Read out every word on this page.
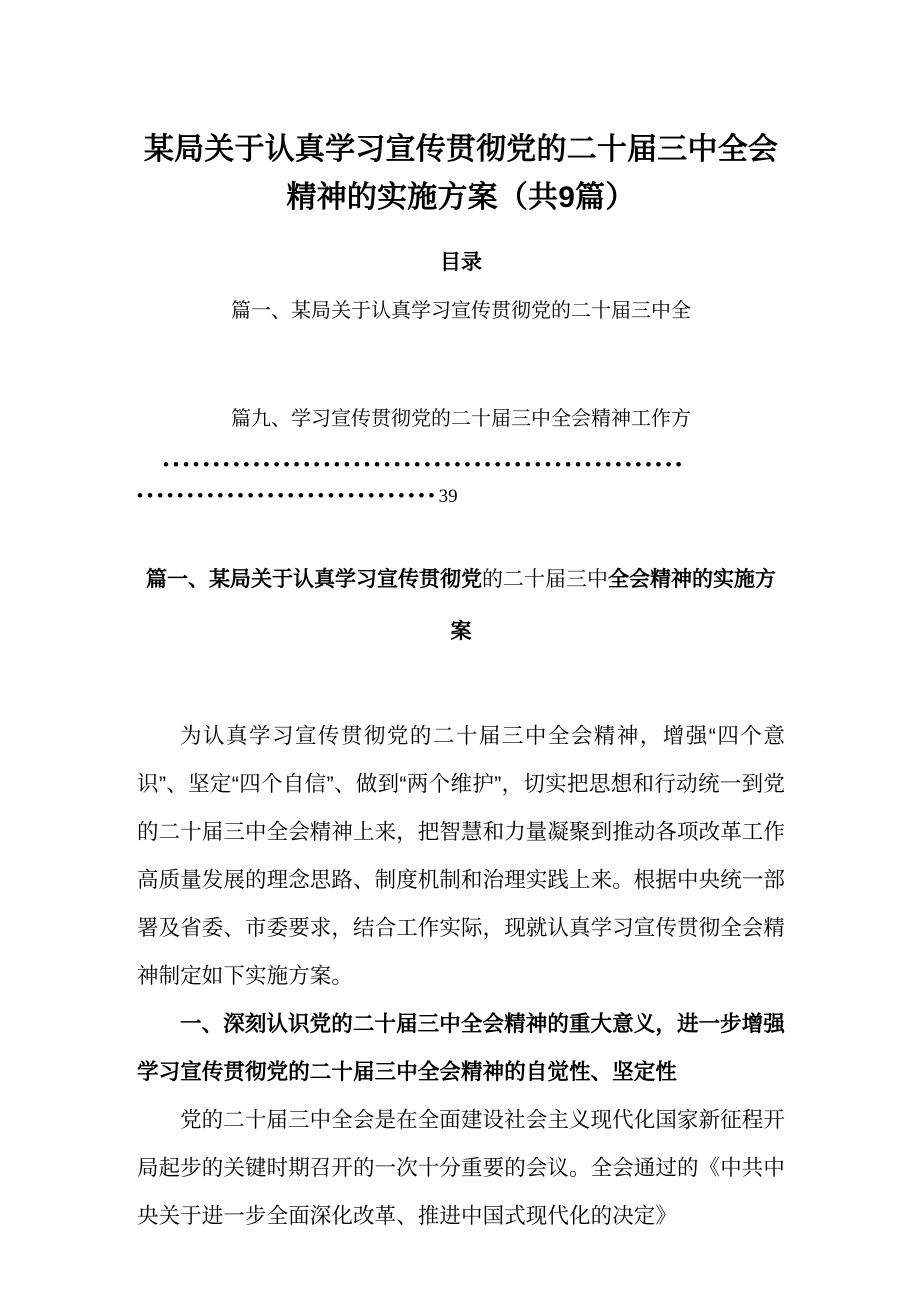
某局关于认真学习宣传贯彻党的二十届三中全会精神的实施方案（共9篇）
目录

篇一、某局关于认真学习宣传贯彻党的二十届三中全

篇九、学习宣传贯彻党的二十届三中全会精神工作方

••••••••••••••••••••••••••••••••••••••••••••••••••••
••••••••••••••••••••••••••••••39
篇一、某局关于认真学习宣传贯彻党的二十届三中全会精神的实施方案

为认真学习宣传贯彻党的二十届三中全会精神，增强“四个意识”、坚定“四个自信”、做到“两个维护”，切实把思想和行动统一到党的二十届三中全会精神上来，把智慧和力量凝聚到推动各项改革工作高质量发展的理念思路、制度机制和治理实践上来。根据中央统一部署及省委、市委要求，结合工作实际，现就认真学习宣传贯彻全会精神制定如下实施方案。

一、深刻认识党的二十届三中全会精神的重大意义，进一步增强学习宣传贯彻党的二十届三中全会精神的自觉性、坚定性

党的二十届三中全会是在全面建设社会主义现代化国家新征程开局起步的关键时期召开的一次十分重要的会议。全会通过的《中共中央关于进一步全面深化改革、推进中国式现代化的决定》
